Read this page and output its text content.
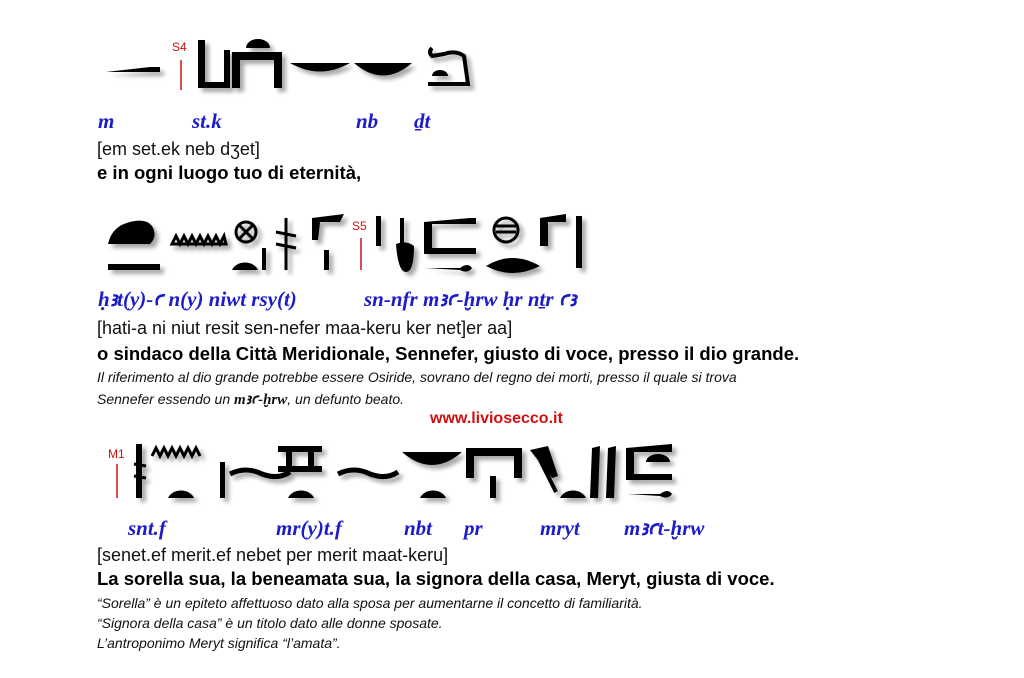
S4
S5
M1
m	st.k	nb ḏt
[em set.ek neb dʒet]
e in ogni luogo tuo di eternità,
ḥꜣt(y)-ꜥ n(y) niwt rsy(t)	sn-nfr mꜣꜥ-ḫrw ḥr nṯr ꜥꜣ
[hati-a ni niut resit sen-nefer maa-keru ker net]er aa]
o sindaco della Città Meridionale, Sennefer, giusto di voce, presso il dio grande.
Il riferimento al dio grande potrebbe essere Osiride, sovrano del regno dei morti, presso il quale si trova
Sennefer essendo un mꜣꜥ-ḫrw, un defunto beato.
www.liviosecco.it
snt.f	mr(y)t.f	nbt pr	mryt mꜣꜥt-ḫrw
[senet.ef merit.ef nebet per merit maat-keru]
La sorella sua, la beneamata sua, la signora della casa, Meryt, giusta di voce.
“Sorella” è un epiteto affettuoso dato alla sposa per aumentarne il concetto di familiarità.
“Signora della casa” è un titolo dato alle donne sposate.
L’antroponimo Meryt significa “l’amata”.
